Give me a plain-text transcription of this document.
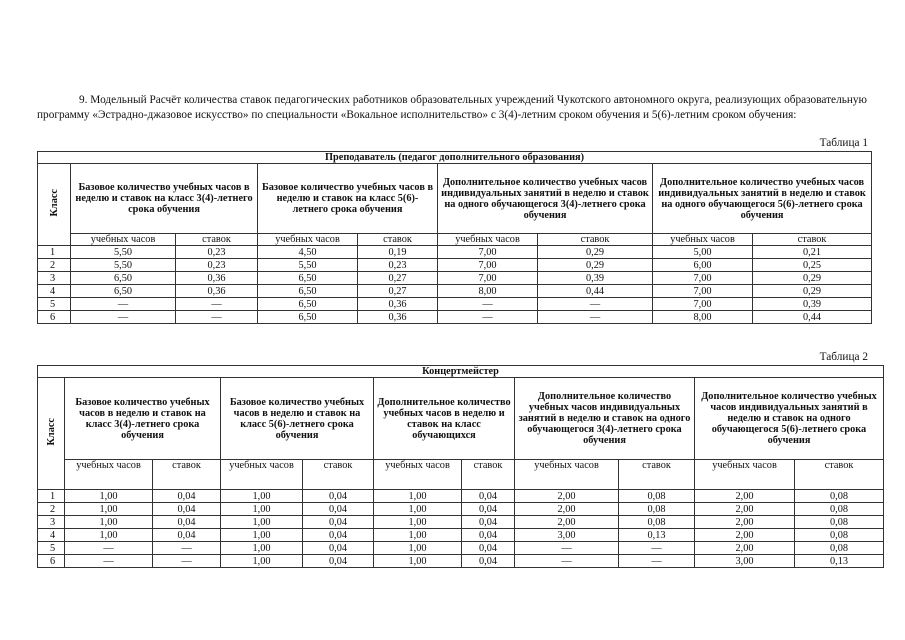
9. Модельный Расчёт количества ставок педагогических работников образовательных учреждений Чукотского автономного округа, реализующих образовательную программу «Эстрадно-джазовое искусство» по специальности «Вокальное исполнительство» с 3(4)-летним сроком обучения и 5(6)-летним сроком обучения:

Таблица 1
Преподаватель (педагог дополнительного образования)								
Класс	Базовое количество учебных часов в неделю и ставок на класс 3(4)-летнего срока обучения		Базовое количество учебных часов в неделю и ставок на класс 5(6)-летнего срока обучения		Дополнительное количество учебных часов индивидуальных занятий в неделю и ставок на одного обучающегося 3(4)-летнего срока обучения		Дополнительное количество учебных часов индивидуальных занятий в неделю и ставок на одного обучающегося 5(6)-летнего срока обучения	
	учебных часов	ставок	учебных часов	ставок	учебных часов	ставок	учебных часов	ставок
1	5,50	0,23	4,50	0,19	7,00	0,29	5,00	0,21
2	5,50	0,23	5,50	0,23	7,00	0,29	6,00	0,25
3	6,50	0,36	6,50	0,27	7,00	0,39	7,00	0,29
4	6,50	0,36	6,50	0,27	8,00	0,44	7,00	0,29
5	—	—	6,50	0,36	—	—	7,00	0,39
6	—	—	6,50	0,36	—	—	8,00	0,44
Таблица 2
Концертмейстер										
Класс	Базовое количество учебных часов в неделю и ставок на класс 3(4)-летнего срока обучения		Базовое количество учебных часов в неделю и ставок на класс 5(6)-летнего срока обучения		Дополнительное количество учебных часов в неделю и ставок на класс обучающихся		Дополнительное количество учебных часов индивидуальных занятий в неделю и ставок на одного обучающегося 3(4)-летнего срока обучения		Дополнительное количество учебных часов индивидуальных занятий в неделю и ставок на одного обучающегося 5(6)-летнего срока обучения	
	учебных часов	ставок	учебных часов	ставок	учебных часов	ставок	учебных часов	ставок	учебных часов	ставок
1	1,00	0,04	1,00	0,04	1,00	0,04	2,00	0,08	2,00	0,08
2	1,00	0,04	1,00	0,04	1,00	0,04	2,00	0,08	2,00	0,08
3	1,00	0,04	1,00	0,04	1,00	0,04	2,00	0,08	2,00	0,08
4	1,00	0,04	1,00	0,04	1,00	0,04	3,00	0,13	2,00	0,08
5	—	—	1,00	0,04	1,00	0,04	—	—	2,00	0,08
6	—	—	1,00	0,04	1,00	0,04	—	—	3,00	0,13
